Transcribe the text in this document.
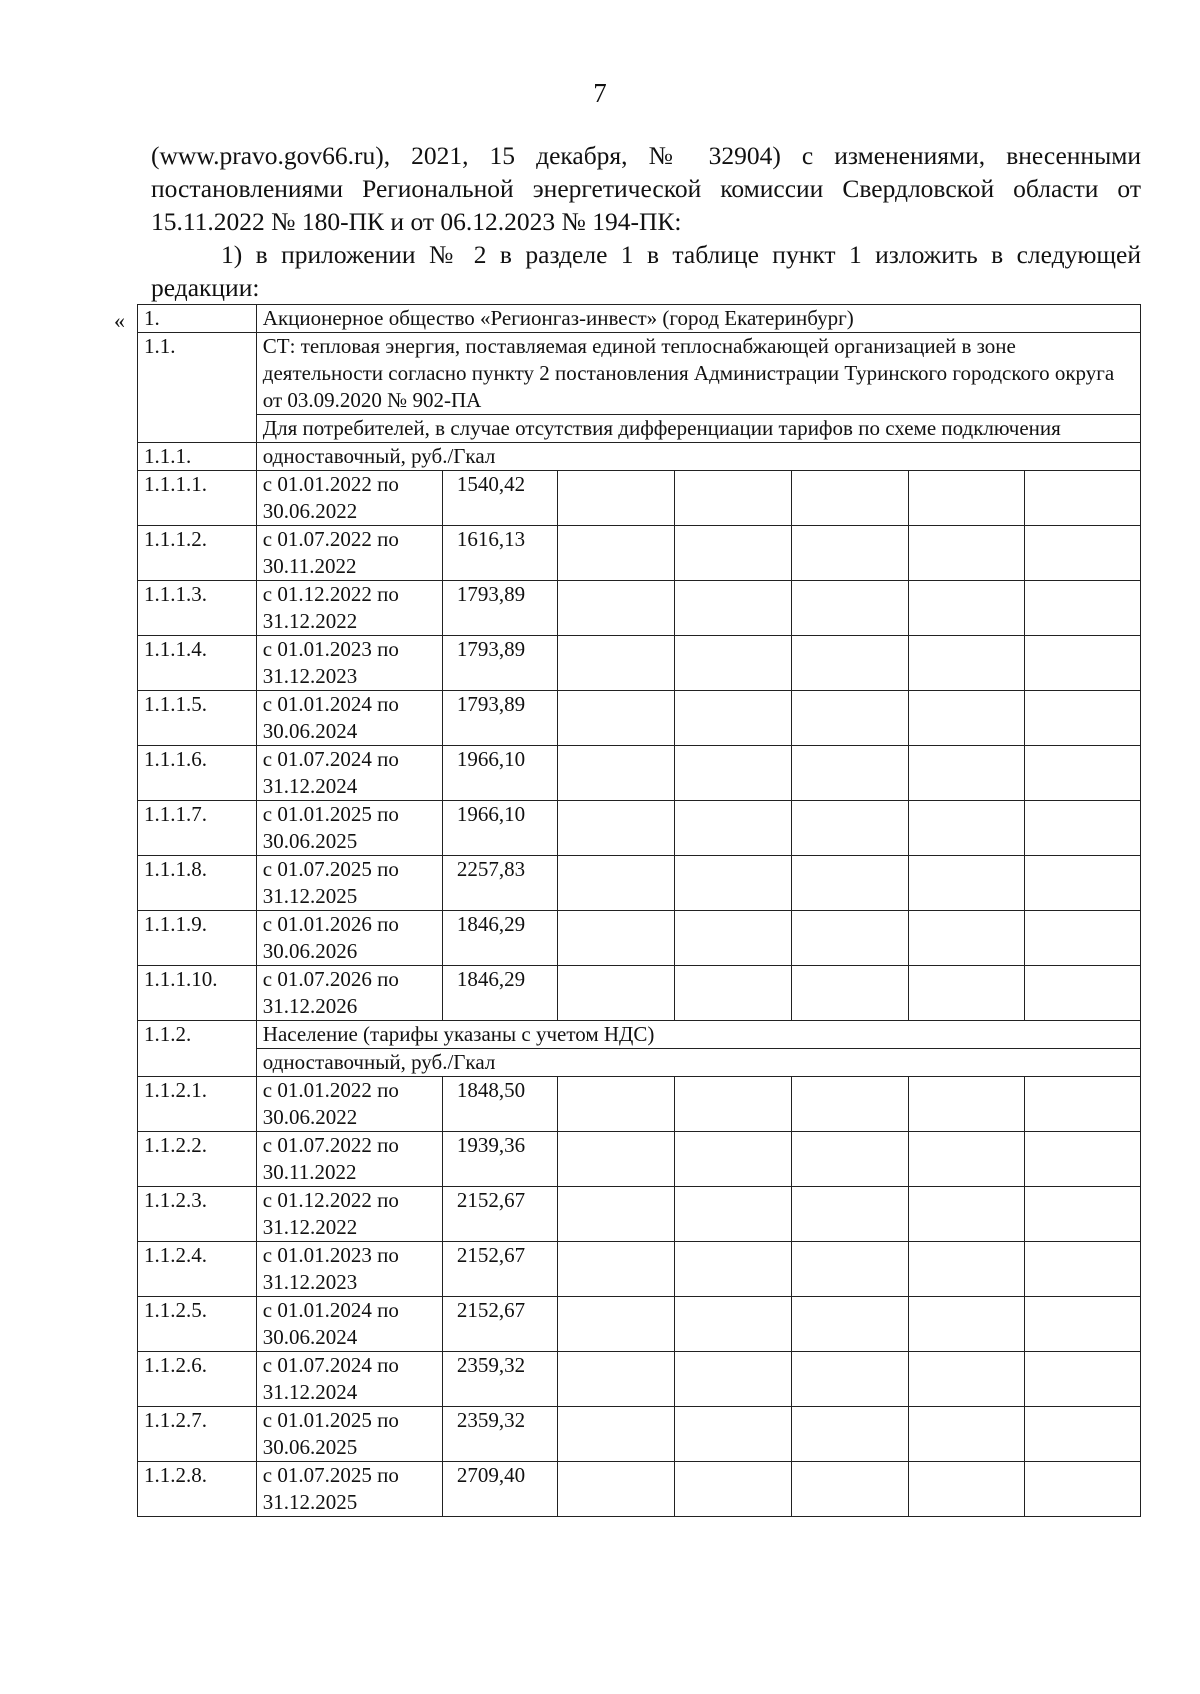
7
(www.pravo.gov66.ru), 2021, 15 декабря, № 32904) с изменениями, внесенными постановлениями Региональной энергетической комиссии Свердловской области от 15.11.2022 № 180-ПК и от 06.12.2023 № 194-ПК:
1) в приложении № 2 в разделе 1 в таблице пункт 1 изложить в следующей редакции:
« 1.	Акционерное общество «Регионгаз-инвест» (город Екатеринбург)						
1.1.	СТ: тепловая энергия, поставляемая единой теплоснабжающей организацией в зоне деятельности согласно пункту 2 постановления Администрации Туринского городского округа от 03.09.2020 № 902-ПА						
	Для потребителей, в случае отсутствия дифференциации тарифов по схеме подключения						
1.1.1.	одноставочный, руб./Гкал						
1.1.1.1.	с 01.01.2022 по 30.06.2022	1540,42					
1.1.1.2.	с 01.07.2022 по 30.11.2022	1616,13					
1.1.1.3.	с 01.12.2022 по 31.12.2022	1793,89					
1.1.1.4.	с 01.01.2023 по 31.12.2023	1793,89					
1.1.1.5.	с 01.01.2024 по 30.06.2024	1793,89					
1.1.1.6.	с 01.07.2024 по 31.12.2024	1966,10					
1.1.1.7.	с 01.01.2025 по 30.06.2025	1966,10					
1.1.1.8.	с 01.07.2025 по 31.12.2025	2257,83					
1.1.1.9.	с 01.01.2026 по 30.06.2026	1846,29					
1.1.1.10.	с 01.07.2026 по 31.12.2026	1846,29					
1.1.2.	Население (тарифы указаны с учетом НДС)						
	одноставочный, руб./Гкал						
1.1.2.1.	с 01.01.2022 по 30.06.2022	1848,50					
1.1.2.2.	с 01.07.2022 по 30.11.2022	1939,36					
1.1.2.3.	с 01.12.2022 по 31.12.2022	2152,67					
1.1.2.4.	с 01.01.2023 по 31.12.2023	2152,67					
1.1.2.5.	с 01.01.2024 по 30.06.2024	2152,67					
1.1.2.6.	с 01.07.2024 по 31.12.2024	2359,32					
1.1.2.7.	с 01.01.2025 по 30.06.2025	2359,32					
1.1.2.8.	с 01.07.2025 по 31.12.2025	2709,40					
